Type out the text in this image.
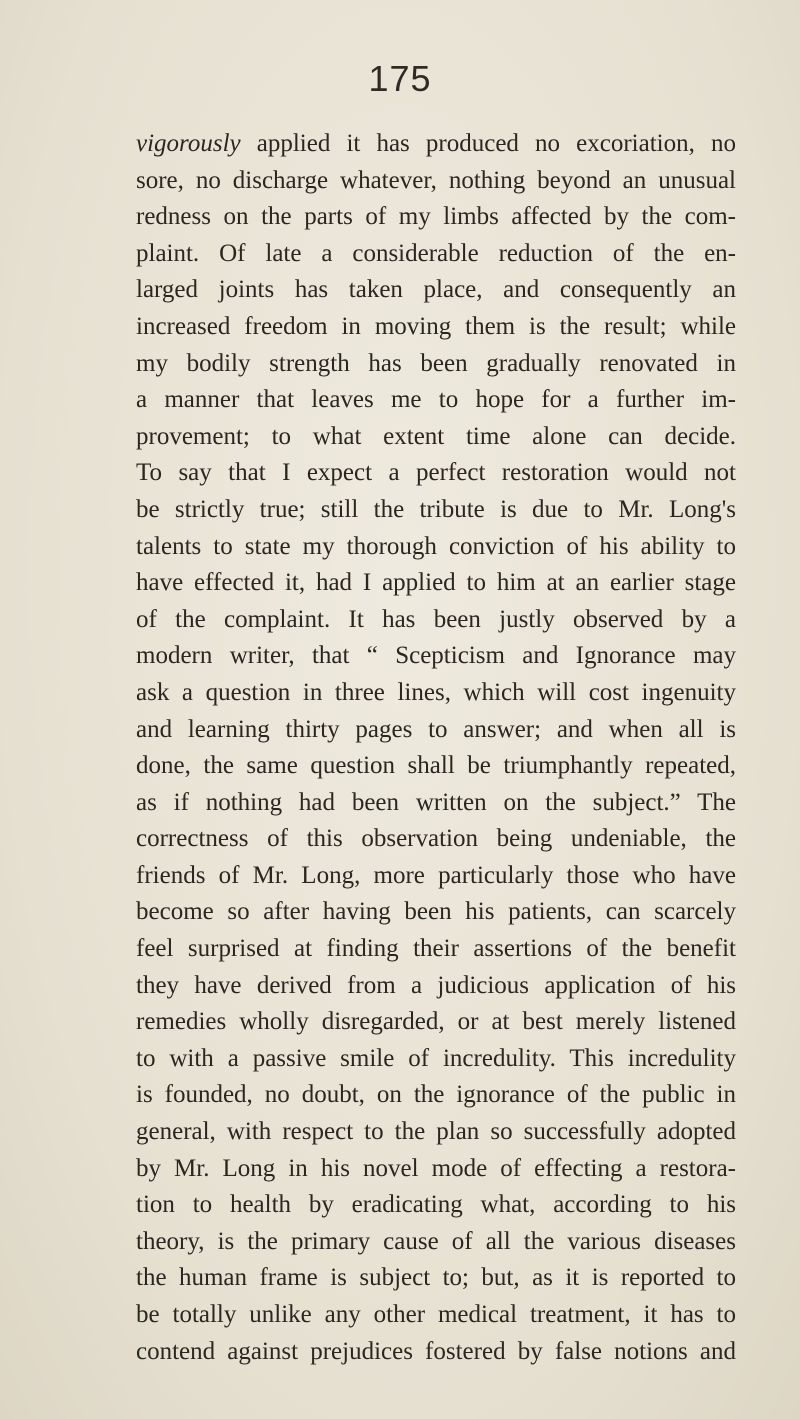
175
vigorously applied it has produced no excoriation, no
sore, no discharge whatever, nothing beyond an unusual
redness on the parts of my limbs affected by the com-
plaint. Of late a considerable reduction of the en-
larged joints has taken place, and consequently an
increased freedom in moving them is the result; while
my bodily strength has been gradually renovated in
a manner that leaves me to hope for a further im-
provement; to what extent time alone can decide.
To say that I expect a perfect restoration would not
be strictly true; still the tribute is due to Mr. Long's
talents to state my thorough conviction of his ability to
have effected it, had I applied to him at an earlier stage
of the complaint. It has been justly observed by a
modern writer, that “ Scepticism and Ignorance may
ask a question in three lines, which will cost ingenuity
and learning thirty pages to answer; and when all is
done, the same question shall be triumphantly repeated,
as if nothing had been written on the subject.” The
correctness of this observation being undeniable, the
friends of Mr. Long, more particularly those who have
become so after having been his patients, can scarcely
feel surprised at finding their assertions of the benefit
they have derived from a judicious application of his
remedies wholly disregarded, or at best merely listened
to with a passive smile of incredulity. This incredulity
is founded, no doubt, on the ignorance of the public in
general, with respect to the plan so successfully adopted
by Mr. Long in his novel mode of effecting a restora-
tion to health by eradicating what, according to his
theory, is the primary cause of all the various diseases
the human frame is subject to; but, as it is reported to
be totally unlike any other medical treatment, it has to
contend against prejudices fostered by false notions and
